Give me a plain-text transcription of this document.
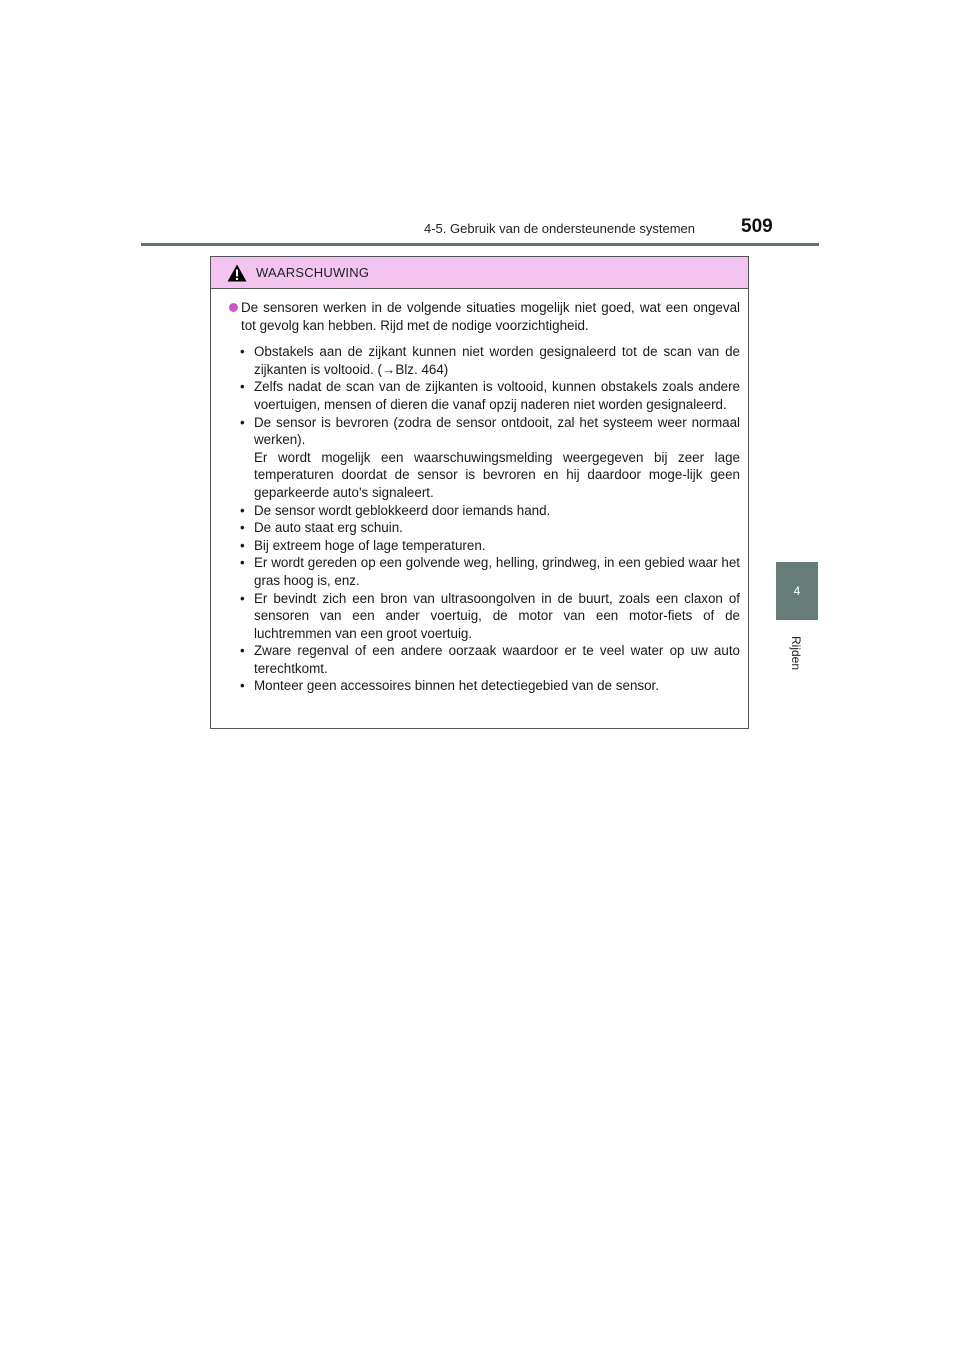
4-5. Gebruik van de ondersteunende systemen 509
4
Rijden
WAARSCHUWING
De sensoren werken in de volgende situaties mogelijk niet goed, wat een ongeval tot gevolg kan hebben. Rijd met de nodige voorzichtigheid.
• Obstakels aan de zijkant kunnen niet worden gesignaleerd tot de scan van de zijkanten is voltooid. (→Blz. 464)
• Zelfs nadat de scan van de zijkanten is voltooid, kunnen obstakels zoals andere voertuigen, mensen of dieren die vanaf opzij naderen niet worden gesignaleerd.
• De sensor is bevroren (zodra de sensor ontdooit, zal het systeem weer normaal werken).
Er wordt mogelijk een waarschuwingsmelding weergegeven bij zeer lage temperaturen doordat de sensor is bevroren en hij daardoor moge-lijk geen geparkeerde auto's signaleert.
• De sensor wordt geblokkeerd door iemands hand.
• De auto staat erg schuin.
• Bij extreem hoge of lage temperaturen.
• Er wordt gereden op een golvende weg, helling, grindweg, in een gebied waar het gras hoog is, enz.
• Er bevindt zich een bron van ultrasoongolven in de buurt, zoals een claxon of sensoren van een ander voertuig, de motor van een motor-fiets of de luchtremmen van een groot voertuig.
• Zware regenval of een andere oorzaak waardoor er te veel water op uw auto terechtkomt.
• Monteer geen accessoires binnen het detectiegebied van de sensor.
